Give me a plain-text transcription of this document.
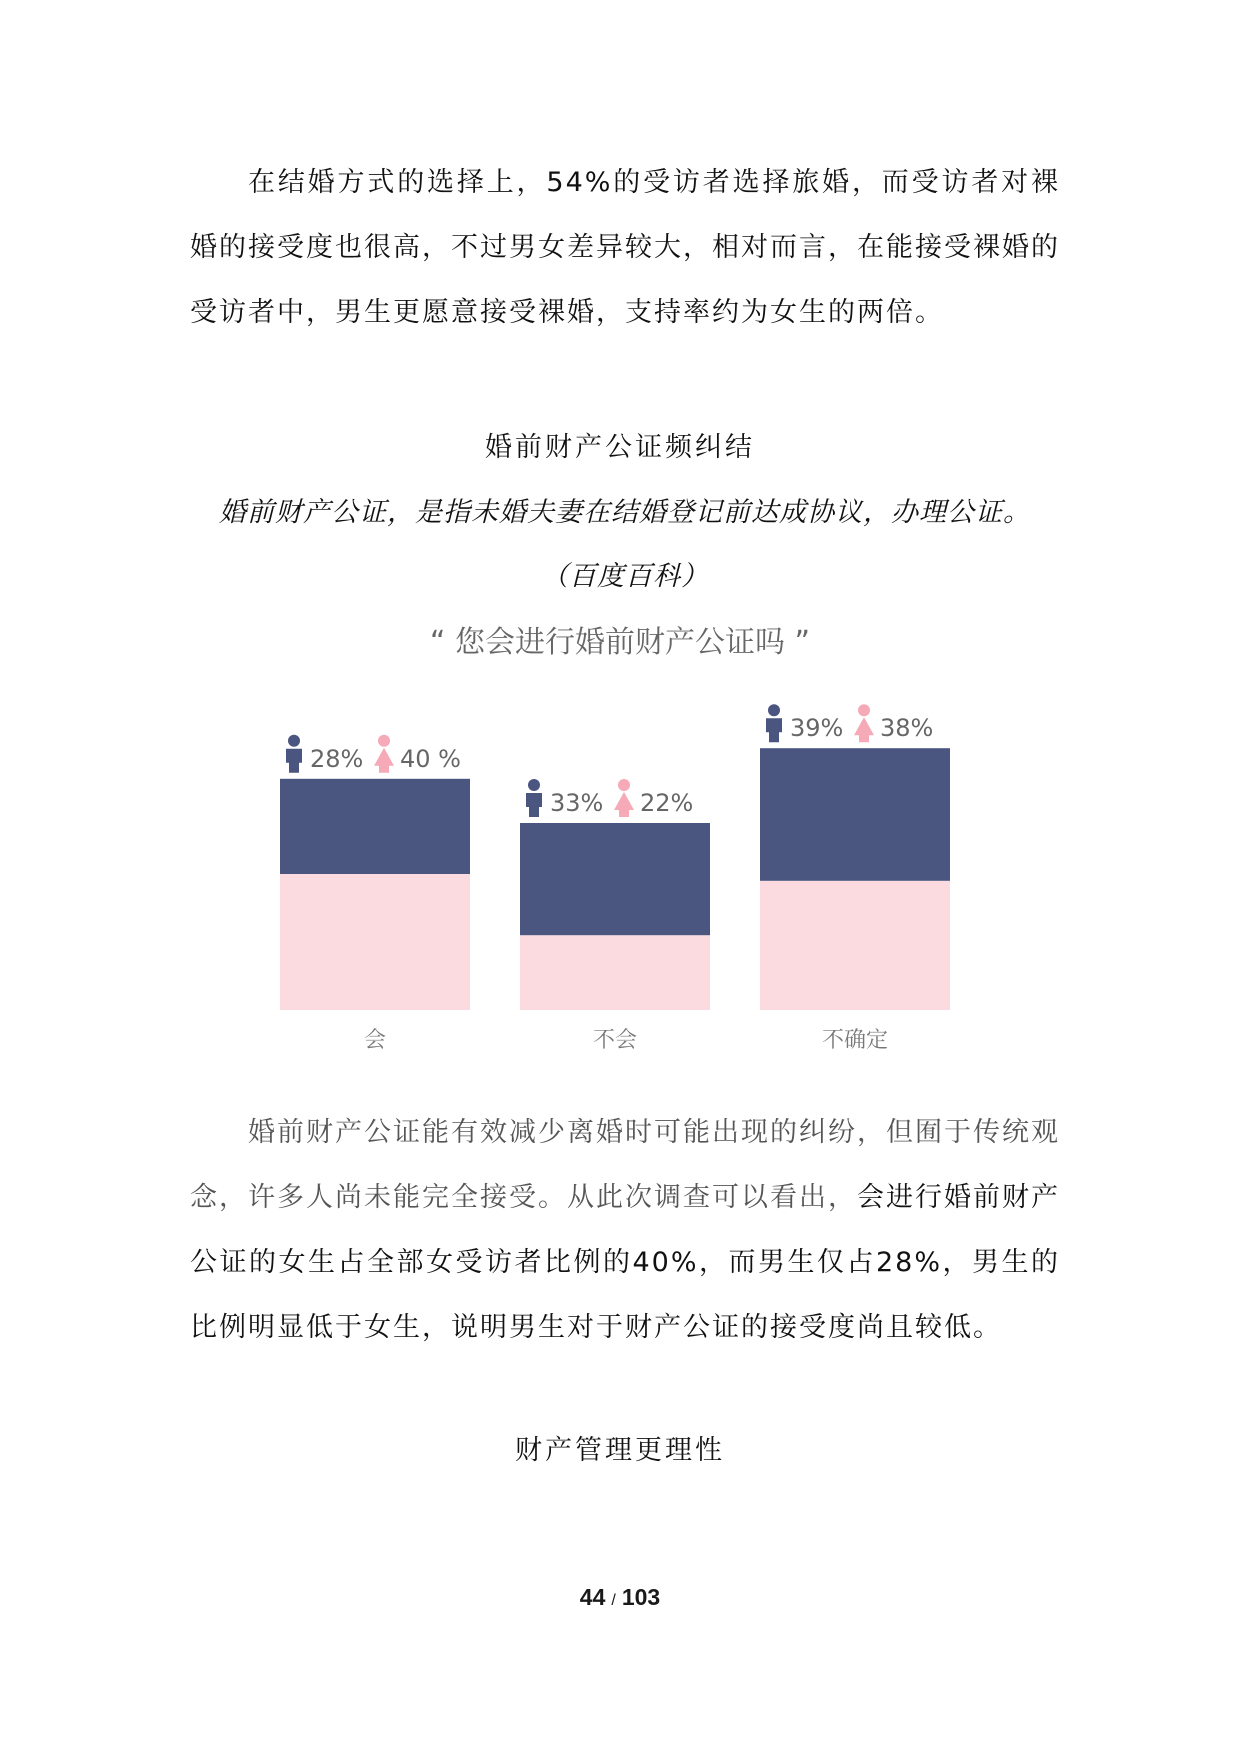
在结婚方式的选择上，54%的受访者选择旅婚，而受访者对裸婚的接受度也很高，不过男女差异较大，相对而言，在能接受裸婚的受访者中，男生更愿意接受裸婚，支持率约为女生的两倍。

婚前财产公证频纠结
婚前财产公证，是指未婚夫妻在结婚登记前达成协议，办理公证。
（百度百科）
“ 您会进行婚前财产公证吗 ”
28% 40 %
会
33% 22%
不会
39% 38%
不确定

婚前财产公证能有效减少离婚时可能出现的纠纷，但囿于传统观念，许多人尚未能完全接受。从此次调查可以看出，会进行婚前财产公证的女生占全部女受访者比例的40%，而男生仅占28%，男生的比例明显低于女生，说明男生对于财产公证的接受度尚且较低。

财产管理更理性
44 / 103
